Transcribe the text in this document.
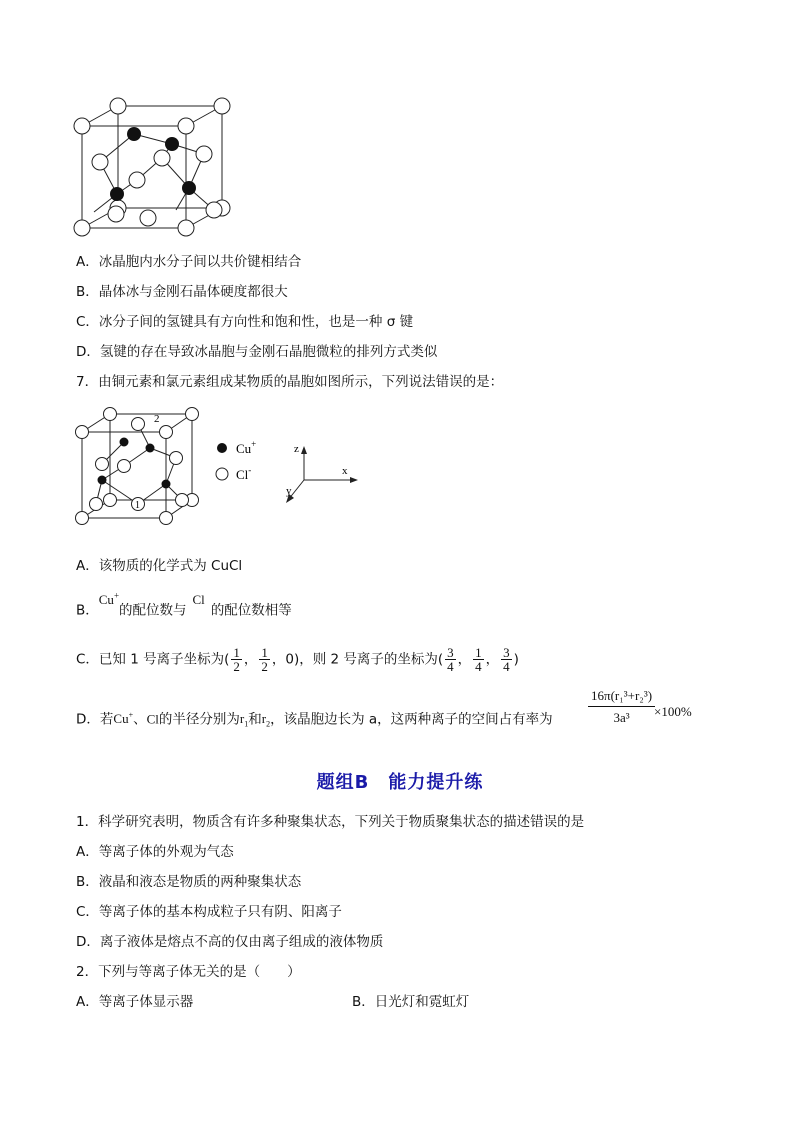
A．冰晶胞内水分子间以共价键相结合
B．晶体冰与金刚石晶体硬度都很大
C．冰分子间的氢键具有方向性和饱和性，也是一种 σ 键
D．氢键的存在导致冰晶胞与金刚石晶胞微粒的排列方式类似
7．由铜元素和氯元素组成某物质的晶胞如图所示，下列说法错误的是：
2
1
Cu+
Cl-
z
x
y
A．该物质的化学式为 CuCl
B．Cu+的配位数与Cl的配位数相等
C．已知 1 号离子坐标为( $\frac{1}{2}$ ， $\frac{1}{2}$ ，0)，则 2 号离子的坐标为( $\frac{3}{4}$ ， $\frac{1}{4}$ ， $\frac{3}{4}$ )
D．若Cu+、Cl的半径分别为$r_1$和$r_2$，该晶胞边长为 a，这两种离子的空间占有率为	$\frac{\text{16π(r₁³+r₂³)}}{\text{3a³}}$
×100%
题组B　能力提升练
1．科学研究表明，物质含有许多种聚集状态，下列关于物质聚集状态的描述错误的是
A．等离子体的外观为气态
B．液晶和液态是物质的两种聚集状态
C．等离子体的基本构成粒子只有阴、阳离子
D．离子液体是熔点不高的仅由离子组成的液体物质
2．下列与等离子体无关的是（　　）
A．等离子体显示器	B．日光灯和霓虹灯
